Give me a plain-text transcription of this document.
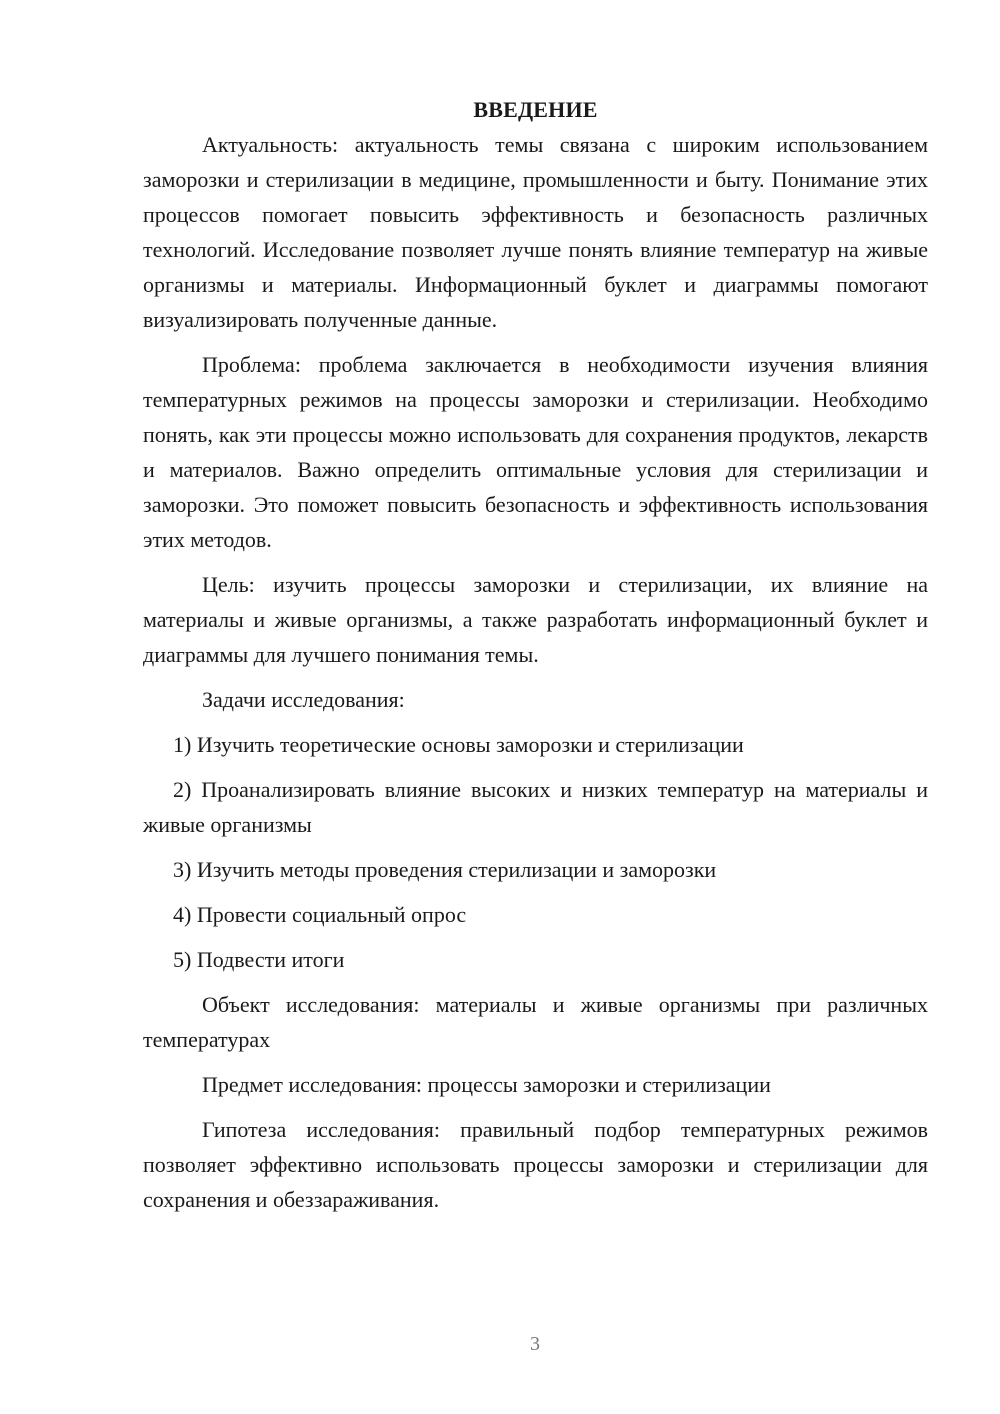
ВВЕДЕНИЕ

Актуальность: актуальность темы связана с широким использованием заморозки и стерилизации в медицине, промышленности и быту. Понимание этих процессов помогает повысить эффективность и безопасность различных технологий. Исследование позволяет лучше понять влияние температур на живые организмы и материалы. Информационный буклет и диаграммы помогают визуализировать полученные данные.

Проблема: проблема заключается в необходимости изучения влияния температурных режимов на процессы заморозки и стерилизации. Необходимо понять, как эти процессы можно использовать для сохранения продуктов, лекарств и материалов. Важно определить оптимальные условия для стерилизации и заморозки. Это поможет повысить безопасность и эффективность использования этих методов.

Цель: изучить процессы заморозки и стерилизации, их влияние на материалы и живые организмы, а также разработать информационный буклет и диаграммы для лучшего понимания темы.

Задачи исследования:

1) Изучить теоретические основы заморозки и стерилизации

2) Проанализировать влияние высоких и низких температур на материалы и живые организмы

3) Изучить методы проведения стерилизации и заморозки

4) Провести социальный опрос

5) Подвести итоги

Объект исследования: материалы и живые организмы при различных температурах

Предмет исследования: процессы заморозки и стерилизации

Гипотеза исследования: правильный подбор температурных режимов позволяет эффективно использовать процессы заморозки и стерилизации для сохранения и обеззараживания.

3
